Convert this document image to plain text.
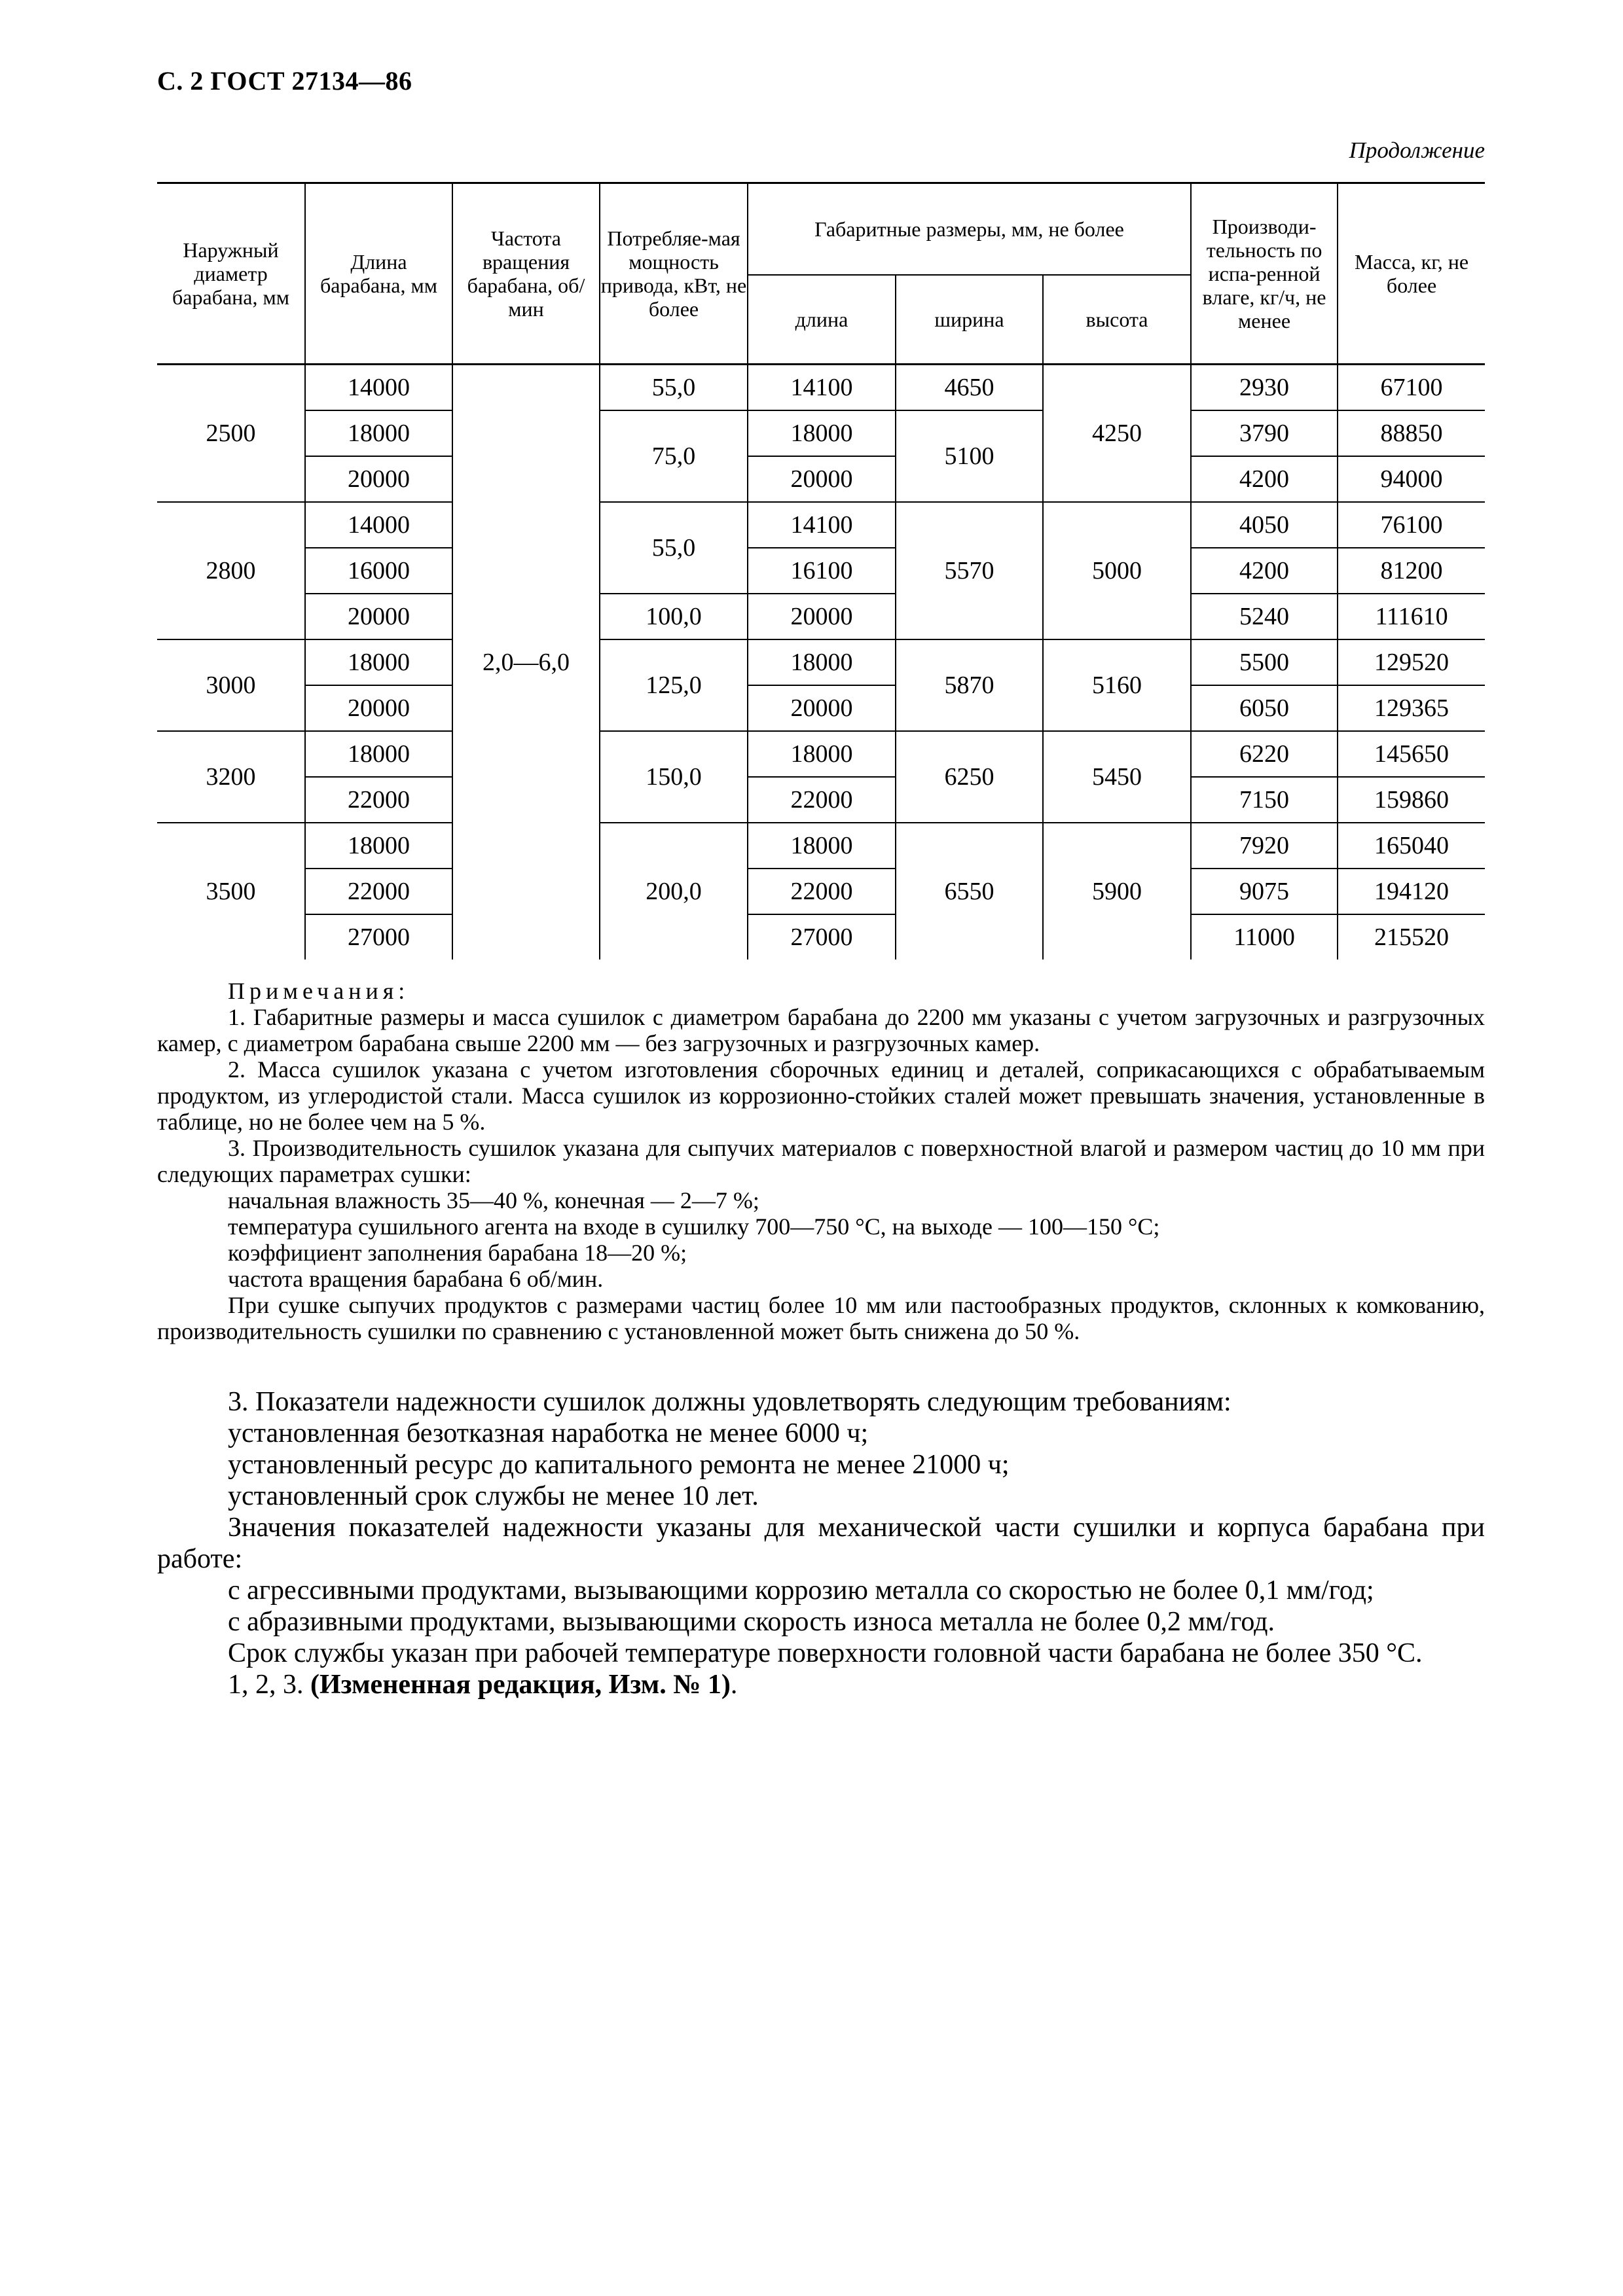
С. 2 ГОСТ 27134—86
Продолжение
Наружный диаметр барабана, мм	Длина барабана, мм	Частота вращения барабана, об/мин	Потребляе-мая мощность привода, кВт, не более	Габаритные размеры, мм, не более			Производи-тельность по испа-ренной влаге, кг/ч, не менее	Масса, кг, не более
				длина	ширина	высота		
2500	14000	2,0—6,0	55,0	14100	4650	4250	2930	67100
	18000		75,0	18000	5100		3790	88850
	20000			20000			4200	94000
2800	14000		55,0	14100	5570	5000	4050	76100
	16000			16100			4200	81200
	20000		100,0	20000			5240	111610
3000	18000		125,0	18000	5870	5160	5500	129520
	20000			20000			6050	129365
3200	18000		150,0	18000	6250	5450	6220	145650
	22000			22000			7150	159860
3500	18000		200,0	18000	6550	5900	7920	165040
	22000			22000			9075	194120
	27000			27000			11000	215520

Примечания:

1. Габаритные размеры и масса сушилок с диаметром барабана до 2200 мм указаны с учетом загрузочных и разгрузочных камер, с диаметром барабана свыше 2200 мм — без загрузочных и разгрузочных камер.

2. Масса сушилок указана с учетом изготовления сборочных единиц и деталей, соприкасающихся с обрабатываемым продуктом, из углеродистой стали. Масса сушилок из коррозионно-стойких сталей может превышать значения, установленные в таблице, но не более чем на 5 %.

3. Производительность сушилок указана для сыпучих материалов с поверхностной влагой и размером частиц до 10 мм при следующих параметрах сушки:

начальная влажность 35—40 %, конечная — 2—7 %;

температура сушильного агента на входе в сушилку 700—750 °С, на выходе — 100—150 °С;

коэффициент заполнения барабана 18—20 %;

частота вращения барабана 6 об/мин.

При сушке сыпучих продуктов с размерами частиц более 10 мм или пастообразных продуктов, склонных к комкованию, производительность сушилки по сравнению с установленной может быть снижена до 50 %.

3. Показатели надежности сушилок должны удовлетворять следующим требованиям:

установленная безотказная наработка не менее 6000 ч;

установленный ресурс до капитального ремонта не менее 21000 ч;

установленный срок службы не менее 10 лет.

Значения показателей надежности указаны для механической части сушилки и корпуса барабана при работе:

с агрессивными продуктами, вызывающими коррозию металла со скоростью не более 0,1 мм/год;

с абразивными продуктами, вызывающими скорость износа металла не более 0,2 мм/год.

Срок службы указан при рабочей температуре поверхности головной части барабана не более 350 °С.

1, 2, 3. (Измененная редакция, Изм. № 1).
